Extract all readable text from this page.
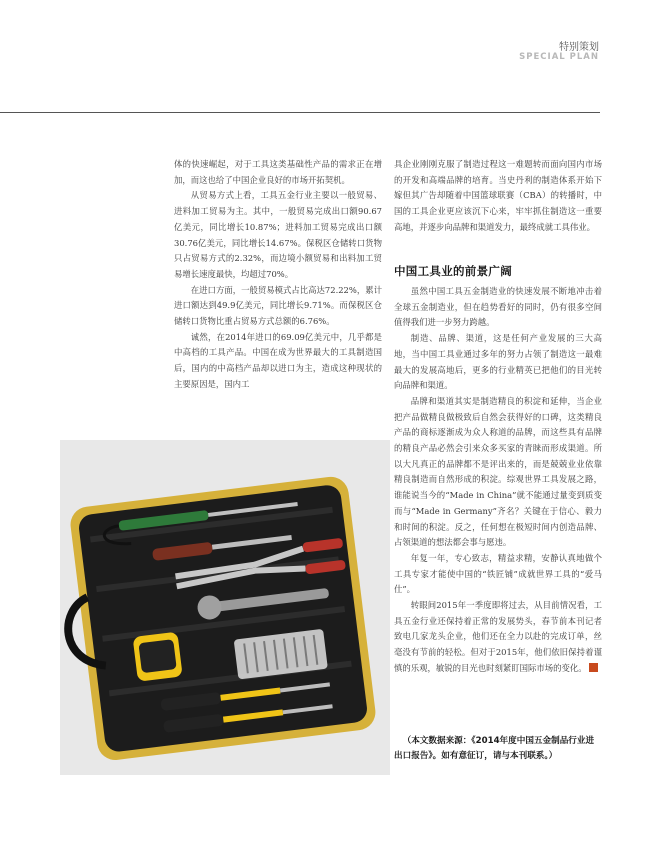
特别策划
SPECIAL PLAN

体的快速崛起，对于工具这类基础性产品的需求正在增加，而这也给了中国企业良好的市场开拓契机。

从贸易方式上看，工具五金行业主要以一般贸易、进料加工贸易为主。其中，一般贸易完成出口额90.67亿美元，同比增长10.87%；进料加工贸易完成出口额30.76亿美元，同比增长14.67%。保税区仓储转口货物只占贸易方式的2.32%，而边境小额贸易和出料加工贸易增长速度最快，均超过70%。

在进口方面，一般贸易模式占比高达72.22%，累计进口额达到49.9亿美元，同比增长9.71%。而保税区仓储转口货物比重占贸易方式总额的6.76%。

诚然，在2014年进口的69.09亿美元中，几乎都是中高档的工具产品。中国在成为世界最大的工具制造国后，国内的中高档产品却以进口为主，造成这种现状的主要原因是，国内工

具企业刚刚克服了制造过程这一难题转而面向国内市场的开发和高端品牌的培育。当史丹利的制造体系开始下嫁但其广告却随着中国篮球联赛（CBA）的转播时，中国的工具企业更应该沉下心来，牢牢抓住制造这一重要高地，并逐步向品牌和渠道发力，最终成就工具伟业。

中国工具业的前景广阔

虽然中国工具五金制造业的快速发展不断地冲击着全球五金制造业，但在趋势看好的同时，仍有很多空间值得我们进一步努力跨越。

制造、品牌、渠道，这是任何产业发展的三大高地，当中国工具业通过多年的努力占领了制造这一最难最大的发展高地后，更多的行业精英已把他们的目光转向品牌和渠道。

品牌和渠道其实是制造精良的积淀和延伸，当企业把产品做精良做极致后自然会获得好的口碑，这类精良产品的商标逐渐成为众人称道的品牌，而这些具有品牌的精良产品必然会引来众多买家的青睐而形成渠道。所以大凡真正的品牌都不是评出来的，而是兢兢业业依靠精良制造而自然形成的积淀。综观世界工具发展之路，谁能说当今的“Made in China”就不能通过量变到质变而与“Made in Germany”齐名？关键在于信心、毅力和时间的积淀。反之，任何想在极短时间内创造品牌、占领渠道的想法都会事与愿违。

年复一年，专心致志，精益求精，安静认真地做个工具专家才能使中国的“铁匠铺”成就世界工具的“爱马仕”。

转眼间2015年一季度即将过去，从目前情况看，工具五金行业还保持着正常的发展势头，春节前本刊记者致电几家龙头企业，他们还在全力以赴的完成订单，丝毫没有节前的轻松。但对于2015年，他们依旧保持着谨慎的乐观，敏锐的目光也时刻紧盯国际市场的变化。

（本文数据来源：《2014年度中国五金制品行业进出口报告》。如有意征订，请与本刊联系。）
